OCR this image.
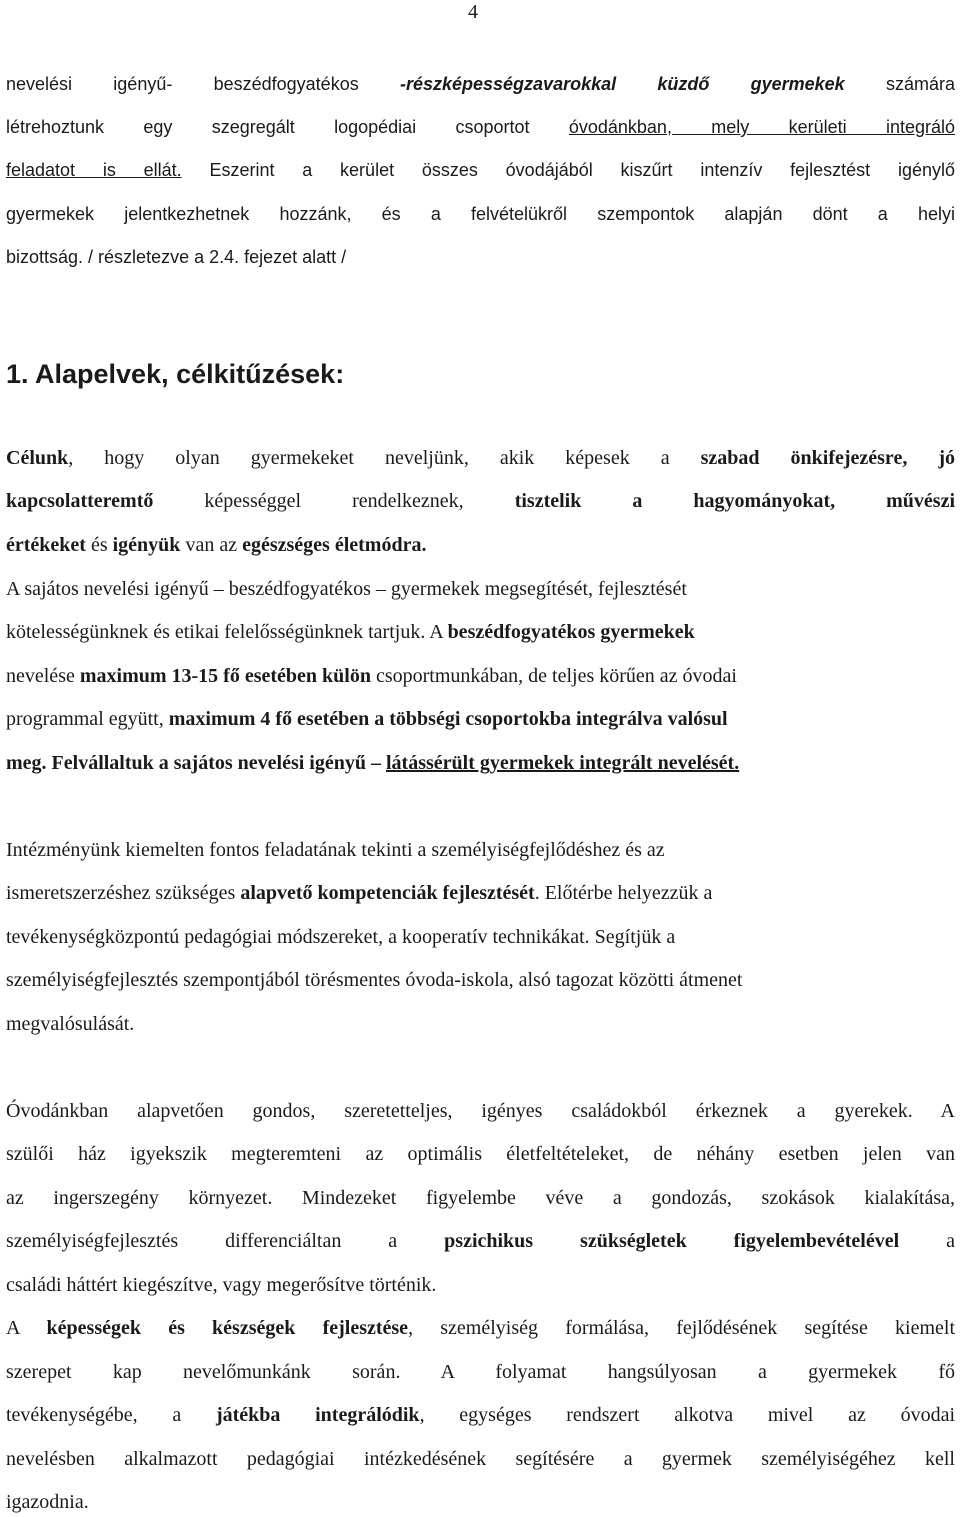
4
nevelési igényű- beszédfogyatékos -részképességzavarokkal küzdő gyermekek számára
létrehoztunk egy szegregált logopédiai csoportot óvodánkban, mely kerületi integráló
feladatot is ellát. Eszerint a kerület összes óvodájából kiszűrt intenzív fejlesztést igénylő
gyermekek jelentkezhetnek hozzánk, és a felvételükről szempontok alapján dönt a helyi
bizottság. / részletezve a 2.4. fejezet alatt /
1. Alapelvek, célkitűzések:
Célunk, hogy olyan gyermekeket neveljünk, akik képesek a szabad önkifejezésre, jó
kapcsolatteremtő képességgel rendelkeznek, tisztelik a hagyományokat, művészi
értékeket és igényük van az egészséges életmódra.
A sajátos nevelési igényű – beszédfogyatékos – gyermekek megsegítését, fejlesztését
kötelességünknek és etikai felelősségünknek tartjuk. A beszédfogyatékos gyermekek
nevelése maximum 13-15 fő esetében külön csoportmunkában, de teljes körűen az óvodai
programmal együtt, maximum 4 fő esetében a többségi csoportokba integrálva valósul
meg. Felvállaltuk a sajátos nevelési igényű – látássérült gyermekek integrált nevelését.
Intézményünk kiemelten fontos feladatának tekinti a személyiségfejlődéshez és az
ismeretszerzéshez szükséges alapvető kompetenciák fejlesztését. Előtérbe helyezzük a
tevékenységközpontú pedagógiai módszereket, a kooperatív technikákat. Segítjük a
személyiségfejlesztés szempontjából törésmentes óvoda-iskola, alsó tagozat közötti átmenet
megvalósulását.
Óvodánkban alapvetően gondos, szeretetteljes, igényes családokból érkeznek a gyerekek. A
szülői ház igyekszik megteremteni az optimális életfeltételeket, de néhány esetben jelen van
az ingerszegény környezet. Mindezeket figyelembe véve a gondozás, szokások kialakítása,
személyiségfejlesztés differenciáltan a pszichikus szükségletek figyelembevételével a
családi háttért kiegészítve, vagy megerősítve történik.
A képességek és készségek fejlesztése, személyiség formálása, fejlődésének segítése kiemelt
szerepet kap nevelőmunkánk során. A folyamat hangsúlyosan a gyermekek fő
tevékenységébe, a játékba integrálódik, egységes rendszert alkotva mivel az óvodai
nevelésben alkalmazott pedagógiai intézkedésének segítésére a gyermek személyiségéhez kell
igazodnia.
